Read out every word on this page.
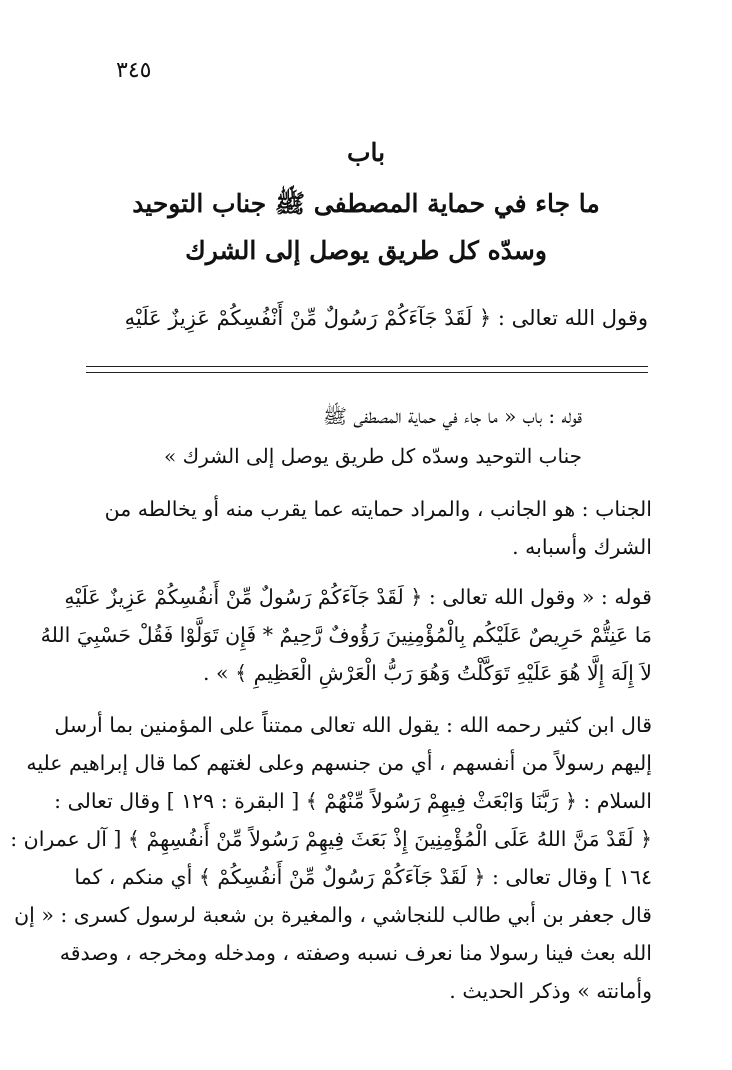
٣٤٥
باب
ما جاء في حماية المصطفى ﷺ جناب التوحيد
وسدّه كل طريق يوصل إلى الشرك
وقول الله تعالى : ﴿ لَقَدْ جَآءَكُمْ رَسُولٌ مِّنْ أَنْفُسِكُمْ عَزِيزٌ عَلَيْهِ
قوله : باب « ما جاء في حماية المصطفى ﷺ
جناب التوحيد وسدّه كل طريق يوصل إلى الشرك »
الجناب : هو الجانب ، والمراد حمايته عما يقرب منه أو يخالطه من
الشرك وأسبابه .
قوله : « وقول الله تعالى : ﴿ لَقَدْ جَآءَكُمْ رَسُولٌ مِّنْ أَنفُسِكُمْ عَزِيزٌ عَلَيْهِ
مَا عَنِتُّمْ حَرِيصٌ عَلَيْكُم بِالْمُؤْمِنِينَ رَؤُوفٌ رَّحِيمٌ * فَإِن تَوَلَّوْا فَقُلْ حَسْبِيَ اللهُ
لاَ إِلَهَ إِلَّا هُوَ عَلَيْهِ تَوَكَّلْتُ وَهُوَ رَبُّ الْعَرْشِ الْعَظِيمِ ﴾ » .
قال ابن كثير رحمه الله : يقول الله تعالى ممتناً على المؤمنين بما أرسل
إليهم رسولاً من أنفسهم ، أي من جنسهم وعلى لغتهم كما قال إبراهيم عليه
السلام : ﴿ رَبَّنَا وَابْعَثْ فِيهِمْ رَسُولاً مِّنْهُمْ ﴾ [ البقرة : ١٢٩ ] وقال تعالى :
﴿ لَقَدْ مَنَّ اللهُ عَلَى الْمُؤْمِنِينَ إِذْ بَعَثَ فِيهِمْ رَسُولاً مِّنْ أَنفُسِهِمْ ﴾ [ آل عمران :
١٦٤ ] وقال تعالى : ﴿ لَقَدْ جَآءَكُمْ رَسُولٌ مِّنْ أَنفُسِكُمْ ﴾ أي منكم ، كما
قال جعفر بن أبي طالب للنجاشي ، والمغيرة بن شعبة لرسول كسرى : « إن
الله بعث فينا رسولا منا نعرف نسبه وصفته ، ومدخله ومخرجه ، وصدقه
وأمانته » وذكر الحديث .
